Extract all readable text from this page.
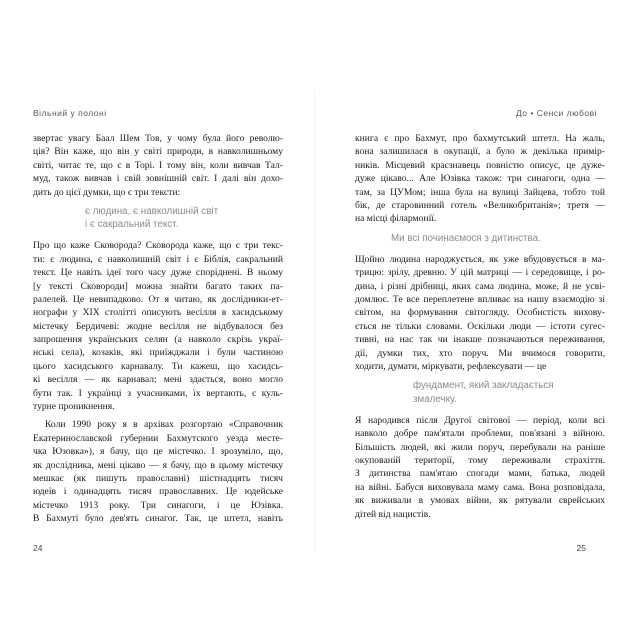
Вільний у полоні
звертає увагу Баал Шем Тов, у чому була його револю-
ція? Він каже, що він у світі природи, в навколишньому
світі, читає те, що є в Торі. І тому він, коли вивчав Тал-
муд, також вивчав і свій зовнішній світ. І далі він дохо-
дить до цієї думки, що є три тексти:
є людина, є навколишній світ
і є сакральний текст.
Про що каже Сковорода? Сковорода каже, що є три текс-
ти: є людина, є навколишній світ і є Біблія, сакральний
текст. Це навіть ідеї того часу дуже споріднені. В ньому
[у тексті Сковороди] можна знайти багато таких па-
ралелей. Це невипадково. От я читаю, як дослідники-ет-
нографи у XIX столітті описують весілля в хасидському
містечку Бердичеві: жодне весілля не відбувалося без
запрошення українських селян (а навколо скрізь украї-
нські села), козаків, які приїжджали і були частиною
цього хасидського карнавалу. Ти кажеш, що хасидсь-
кі весілля — як карнавал; мені здається, воно могло
бути так. І українці з учасниками, їх вертають, є куль-
турне проникнення.
Коли 1990 року я в архівах розгортаю «Справочник
Екатеринославской губернии Бахмутского уезда месте-
чка Юзовка»), я бачу, що це містечко. І зрозуміло, що,
як дослідника, мені цікаво — я бачу, що в цьому містечку
мешкає (як пишуть православні) шістнадцять тисяч
юдеїв і одинадцять тисяч православних. Це юдейське
містечко 1913 року. Три синагоги, і це Юзівка.
В Бахмуті було дев'ять синагог. Так, це штетл, навіть
24
До • Сенси любові
книга є про Бахмут, про бахмутський штетл. На жаль,
вона залишилася в окупації, а було ж декілька примір-
ників. Місцевий краєзнавець повністю описує, це дуже-
дуже цікаво... Але Юзівка також: три синагоги, одна —
там, за ЦУМом; інша була на вулиці Зайцева, тобто той
бік, де старовинний готель «Великобританія»; третя —
на місці філармонії.
Ми всі починаємося з дитинства.
Щойно людина народжується, як уже вбудовується в ма-
трицю: зрілу, древню. У цій матриці — і середовище, і ро-
дина, і різні дрібниці, яких сама людина, може, й не усві-
домлює. Те все переплетене впливає на нашу взаємодію зі
світом, на формування світогляду. Особистість вихову-
ється не тільки словами. Оскільки люди — істоти сугес-
тивні, на нас так чи інакше позначаються переживання,
дії, думки тих, хто поруч. Ми вчимося говорити,
ходити, думати, міркувати, рефлексувати — це
фундамент, який закладається
змалечку.
Я народився після Другої світової — період, коли всі
навколо добре пам'ятали проблеми, пов'язані з війною.
Більшість людей, які жили поруч, перебували на раніше
окупованій території, тому переживали страхіття.
З дитинства пам'ятаю спогади мами, батька, людей
на війні. Бабуся виховувала маму сама. Вона розповідала,
як виживали в умовах війни, як рятували єврейських
дітей від нацистів.
25
